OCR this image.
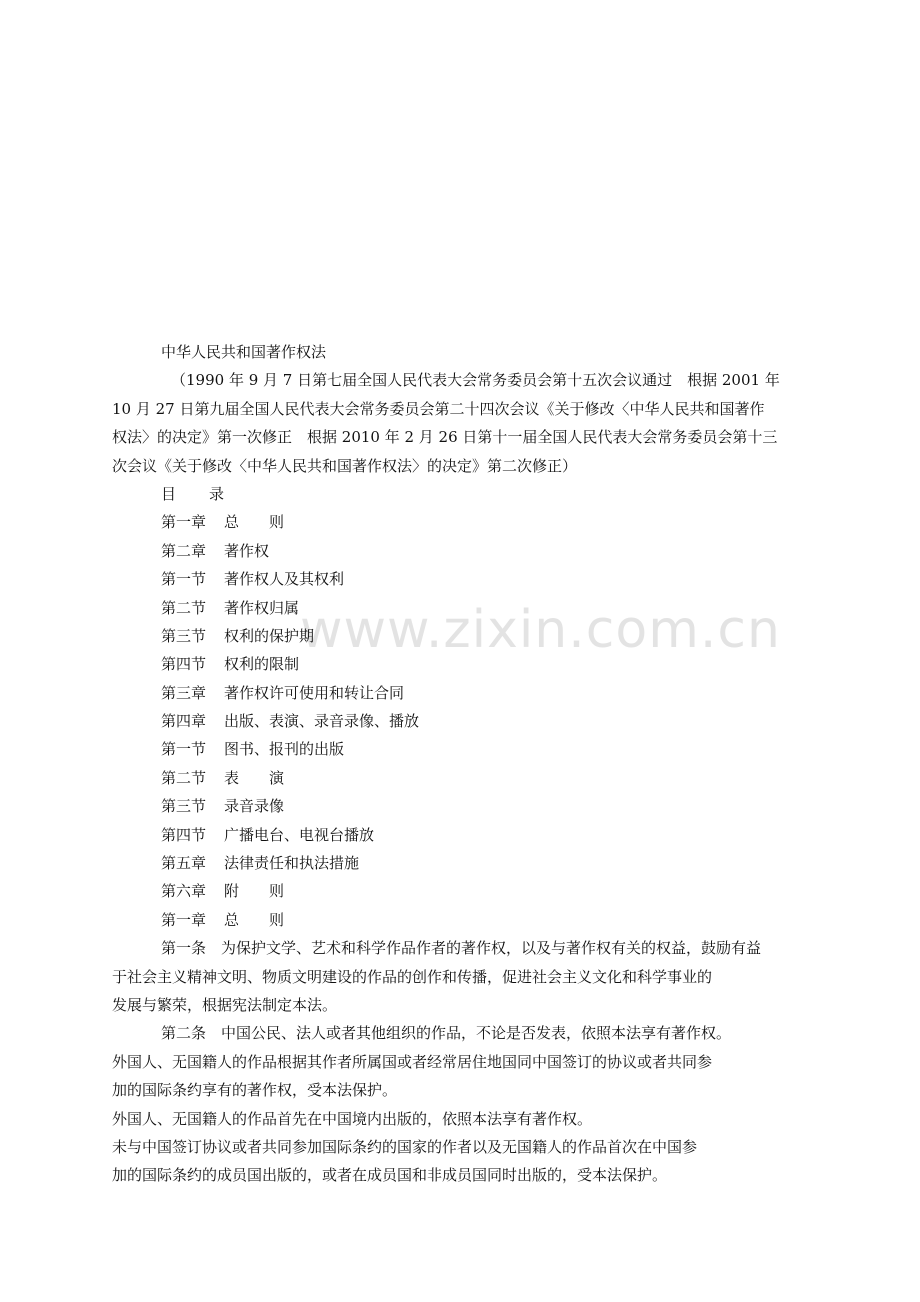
www.zixin.com.cn
中华人民共和国著作权法
（1990 年 9 月 7 日第七届全国人民代表大会常务委员会第十五次会议通过　根据 2001 年
10 月 27 日第九届全国人民代表大会常务委员会第二十四次会议《关于修改〈中华人民共和国著作
权法〉的决定》第一次修正　根据 2010 年 2 月 26 日第十一届全国人民代表大会常务委员会第十三
次会议《关于修改〈中华人民共和国著作权法〉的决定》第二次修正）
目 录
第一章 总　　则
第二章 著作权
第一节 著作权人及其权利
第二节 著作权归属
第三节 权利的保护期
第四节 权利的限制
第三章 著作权许可使用和转让合同
第四章 出版、表演、录音录像、播放
第一节 图书、报刊的出版
第二节 表　　演
第三节 录音录像
第四节 广播电台、电视台播放
第五章 法律责任和执法措施
第六章 附　　则
第一章 总　　则
第一条　为保护文学、艺术和科学作品作者的著作权，以及与著作权有关的权益，鼓励有益
于社会主义精神文明、物质文明建设的作品的创作和传播，促进社会主义文化和科学事业的
发展与繁荣，根据宪法制定本法。
第二条　中国公民、法人或者其他组织的作品，不论是否发表，依照本法享有著作权。
外国人、无国籍人的作品根据其作者所属国或者经常居住地国同中国签订的协议或者共同参
加的国际条约享有的著作权，受本法保护。
外国人、无国籍人的作品首先在中国境内出版的，依照本法享有著作权。
未与中国签订协议或者共同参加国际条约的国家的作者以及无国籍人的作品首次在中国参
加的国际条约的成员国出版的，或者在成员国和非成员国同时出版的，受本法保护。
